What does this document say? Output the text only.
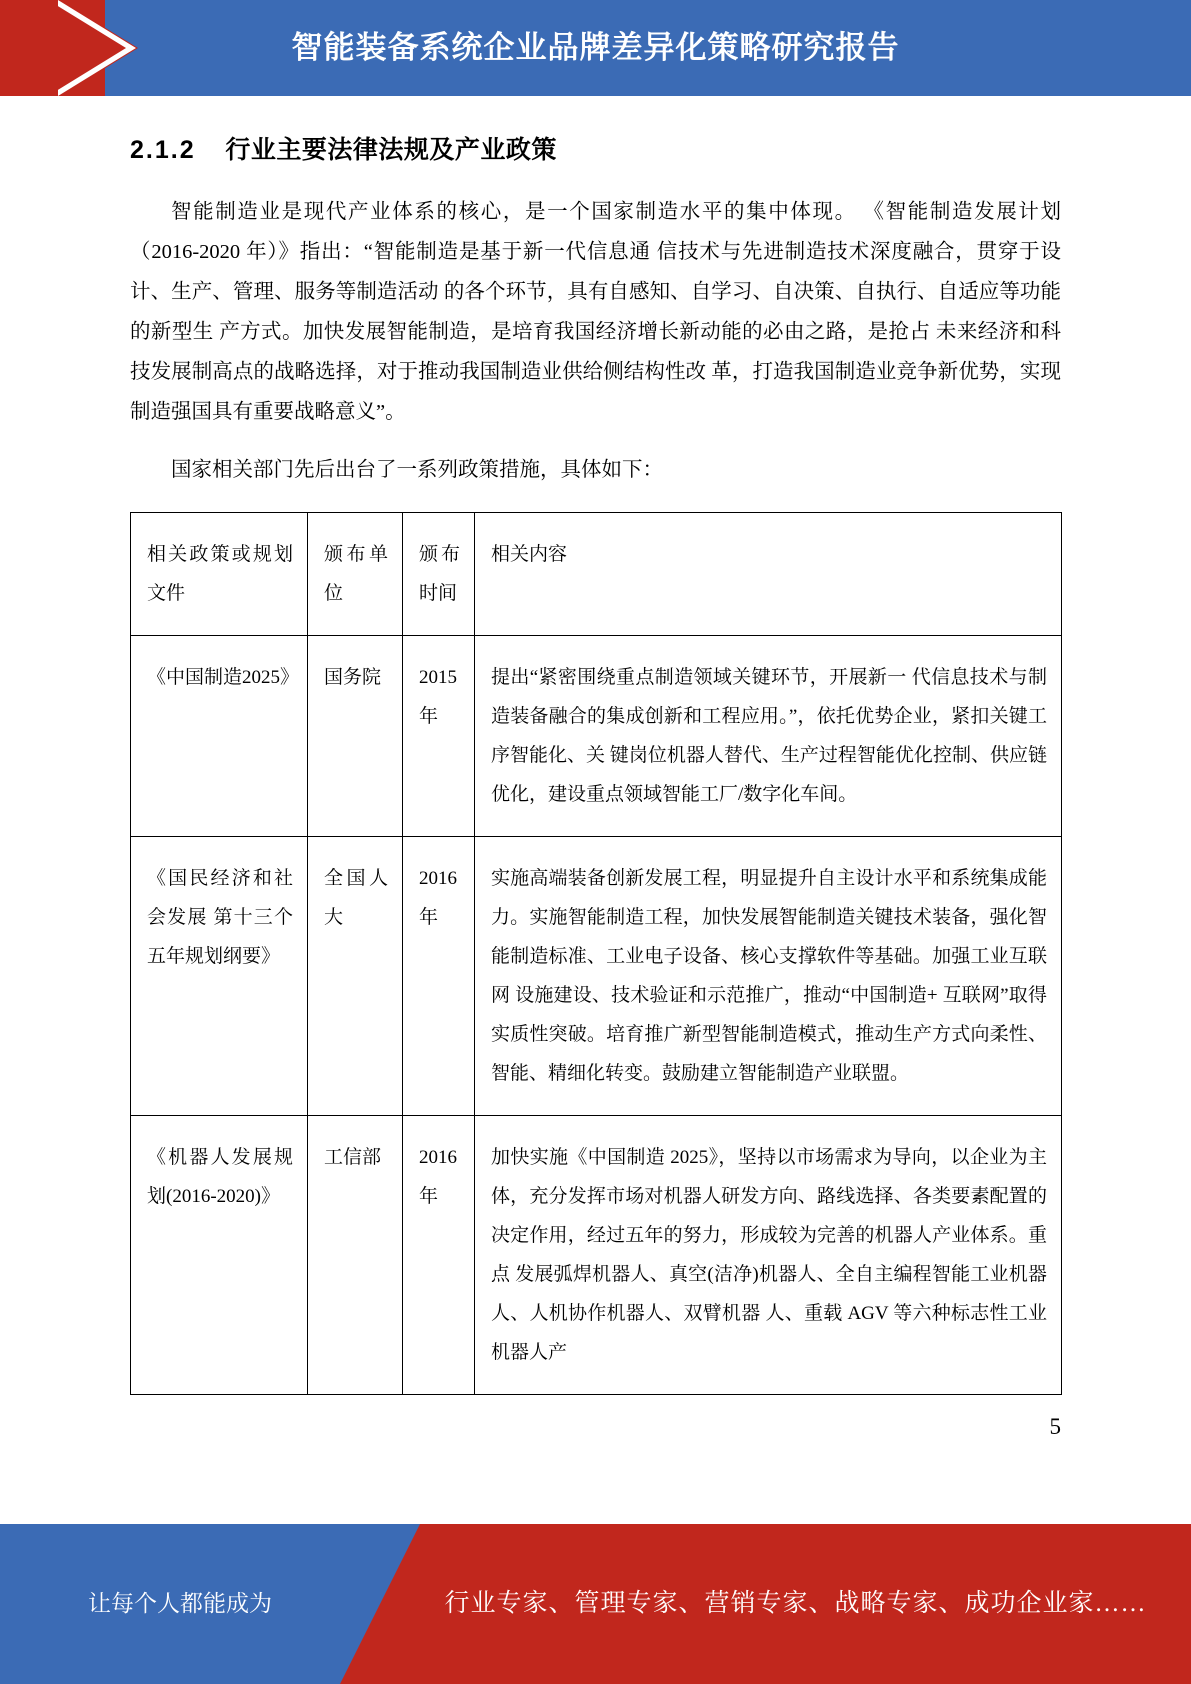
智能装备系统企业品牌差异化策略研究报告
2.1.2 行业主要法律法规及产业政策

智能制造业是现代产业体系的核心，是一个国家制造水平的集中体现。 《智能制造发展计划（2016-2020 年）》指出：“智能制造是基于新一代信息通 信技术与先进制造技术深度融合，贯穿于设计、生产、管理、服务等制造活动 的各个环节，具有自感知、自学习、自决策、自执行、自适应等功能的新型生 产方式。加快发展智能制造，是培育我国经济增长新动能的必由之路，是抢占 未来经济和科技发展制高点的战略选择，对于推动我国制造业供给侧结构性改 革，打造我国制造业竞争新优势，实现制造强国具有重要战略意义”。

国家相关部门先后出台了一系列政策措施，具体如下：

相关政策或规划文件	颁布单位	颁布时间	相关内容
《中国制造2025》	国务院	2015年	提出“紧密围绕重点制造领域关键环节，开展新一 代信息技术与制造装备融合的集成创新和工程应用。”，依托优势企业，紧扣关键工序智能化、关 键岗位机器人替代、生产过程智能优化控制、供应链优化，建设重点领域智能工厂/数字化车间。
《国民经济和社会发展 第十三个五年规划纲要》	全国人大	2016年	实施高端装备创新发展工程，明显提升自主设计水平和系统集成能力。实施智能制造工程，加快发展智能制造关键技术装备，强化智能制造标准、工业电子设备、核心支撑软件等基础。加强工业互联网 设施建设、技术验证和示范推广，推动“中国制造+ 互联网”取得实质性突破。培育推广新型智能制造模式，推动生产方式向柔性、智能、精细化转变。鼓励建立智能制造产业联盟。
《机器人发展规划(2016-2020)》	工信部	2016年	加快实施《中国制造 2025》，坚持以市场需求为导向，以企业为主体，充分发挥市场对机器人研发方向、路线选择、各类要素配置的决定作用，经过五年的努力，形成较为完善的机器人产业体系。重点 发展弧焊机器人、真空(洁净)机器人、全自主编程智能工业机器人、人机协作机器人、双臂机器 人、重载 AGV 等六种标志性工业机器人产
5
让每个人都能成为	行业专家、管理专家、营销专家、战略专家、成功企业家……
